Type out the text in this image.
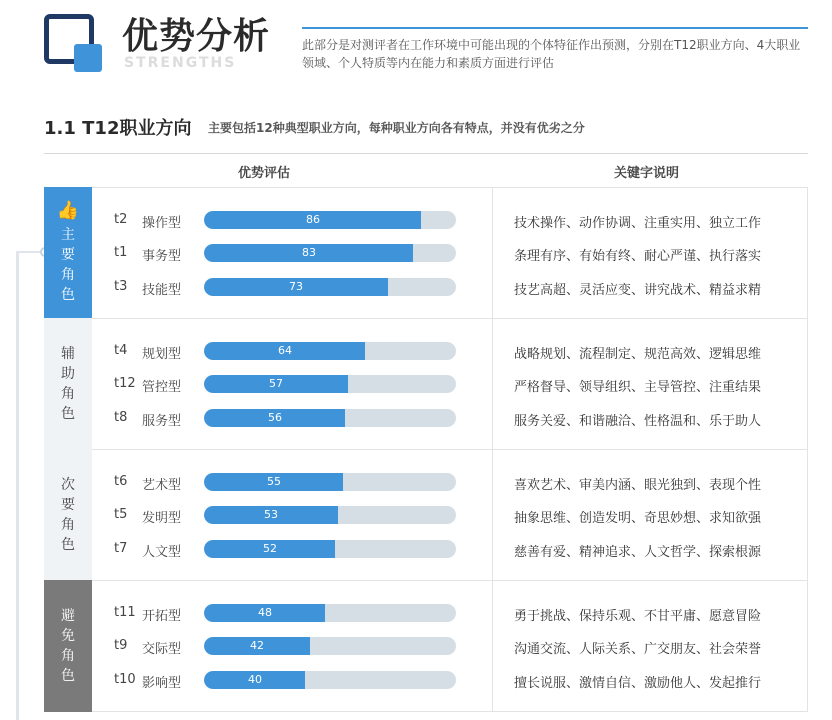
优势分析
STRENGTHS
此部分是对测评者在工作环境中可能出现的个体特征作出预测，分别在T12职业方向、4大职业领域、个人特质等内在能力和素质方面进行评估
1.1 T12职业方向 主要包括12种典型职业方向，每种职业方向各有特点，并没有优劣之分
优势评估	关键字说明
👍
主
要
角
色
t2 操作型	86	技术操作、动作协调、注重实用、独立工作
t1 事务型	83	条理有序、有始有终、耐心严谨、执行落实
t3 技能型	73	技艺高超、灵活应变、讲究战术、精益求精
辅
助
角
色
t4 规划型	64	战略规划、流程制定、规范高效、逻辑思维
t12 管控型	57	严格督导、领导组织、主导管控、注重结果
t8 服务型	56	服务关爱、和谐融洽、性格温和、乐于助人
次
要
角
色
t6 艺术型	55	喜欢艺术、审美内涵、眼光独到、表现个性
t5 发明型	53	抽象思维、创造发明、奇思妙想、求知欲强
t7 人文型	52	慈善有爱、精神追求、人文哲学、探索根源
避
免
角
色
t11 开拓型	48	勇于挑战、保持乐观、不甘平庸、愿意冒险
t9 交际型	42	沟通交流、人际关系、广交朋友、社会荣誉
t10 影响型	40	擅长说服、激情自信、激励他人、发起推行
